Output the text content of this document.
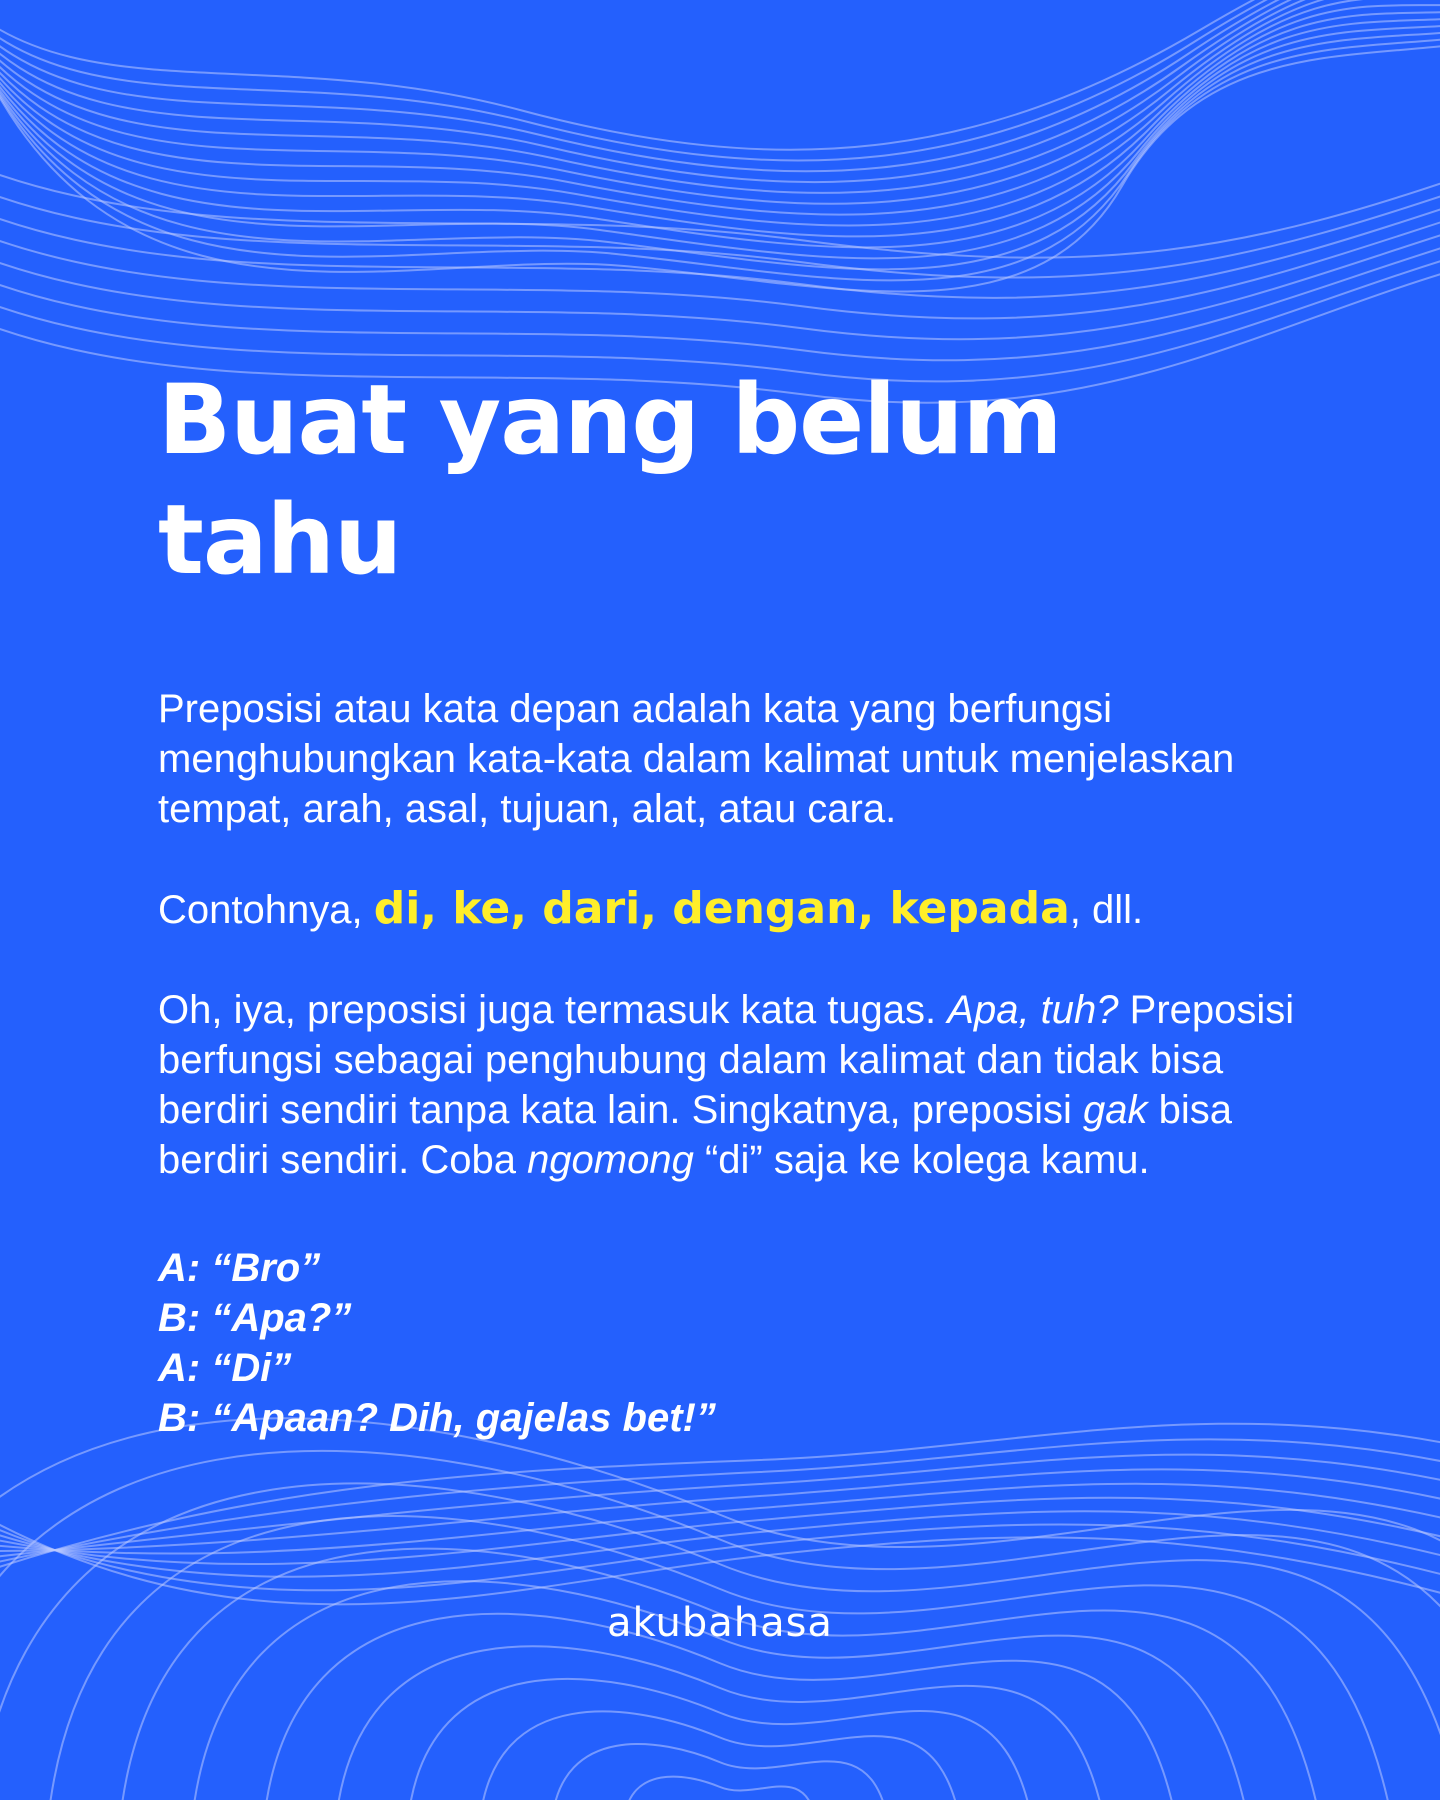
Buat yang belum tahu

Preposisi atau kata depan adalah kata yang berfungsi menghubungkan kata-kata dalam kalimat untuk menjelaskan tempat, arah, asal, tujuan, alat, atau cara.

Contohnya, di, ke, dari, dengan, kepada, dll.

Oh, iya, preposisi juga termasuk kata tugas. Apa, tuh? Preposisi berfungsi sebagai penghubung dalam kalimat dan tidak bisa berdiri sendiri tanpa kata lain. Singkatnya, preposisi gak bisa berdiri sendiri. Coba ngomong “di” saja ke kolega kamu.

A: “Bro”
B: “Apa?”
A: “Di”
B: “Apaan? Dih, gajelas bet!”
akubahasa
